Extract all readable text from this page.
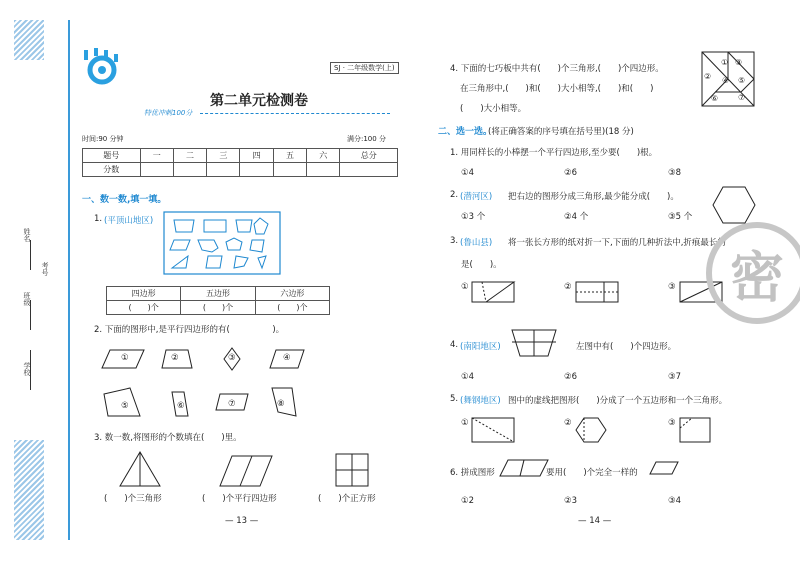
姓名
班级
考号
学校
SJ · 二年级数学(上)
第二单元检测卷
特优冲刺100分
时间:90 分钟	满分:100 分
题号	一	二	三	四	五	六	总分
分数							
一、数一数,填一填。
1. (平顶山地区)
四边形	五边形	六边形
(　　)个	(　　)个	(　　)个
2. 下面的图形中,是平行四边形的有(　　　　　)。
①	②	③	④
⑤	⑥	⑦	⑧
3. 数一数,将图形的个数填在(　　)里。
(　　)个三角形	(　　)个平行四边形	(　　)个正方形
— 13 —
4. 下面的七巧板中共有(　　)个三角形,(　　)个四边形。
在三角形中,(　　)和(　　)大小相等,(　　)和(　　)
(　　)大小相等。
①
②
③
④ ⑤
⑥ ⑦
二、选一选。
(将正确答案的序号填在括号里)(18 分)
1. 用同样长的小棒摆一个平行四边形,至少要(　　)根。
①4	②6	③8
2. (潜河区) 把右边的图形分成三角形,最少能分成(　　)。
①3 个	②4 个	③5 个
3. (鲁山县) 将一张长方形的纸对折一下,下面的几种折法中,折痕最长的
是(　　)。
①	②	③
4. (南阳地区)	左图中有(　　)个四边形。
①4	②6	③7
5. (舞钢地区) 图中的虚线把图形(　　)分成了一个五边形和一个三角形。
①	②	③
6. 拼成图形	要用(　　)个完全一样的
①2	②3	③4
— 14 —
密
